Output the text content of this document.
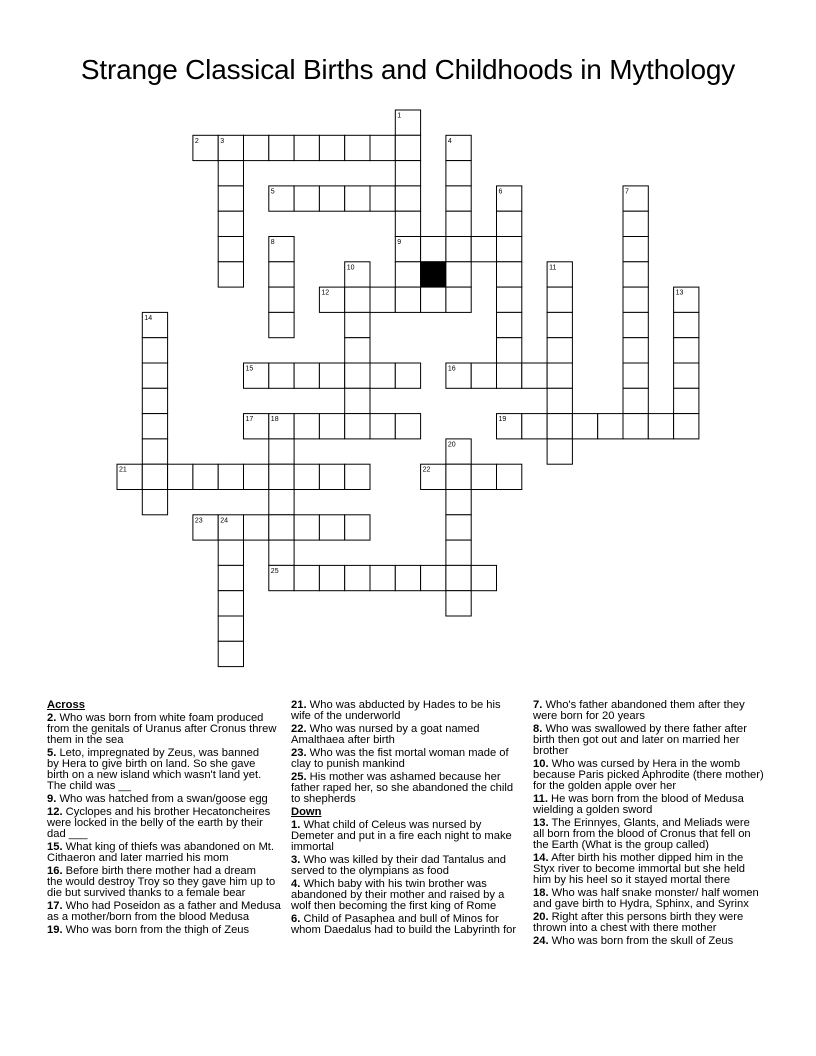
Strange Classical Births and Childhoods in Mythology
1
2	3	4
5	6	7
8	9
10	11
12	13
14
15	16
17	18	19
20
21	22
23	24
25
Across
2. Who was born from white foam produced
from the genitals of Uranus after Cronus threw
them in the sea
5. Leto, impregnated by Zeus, was banned
by Hera to give birth on land. So she gave
birth on a new island which wasn't land yet.
The child was __
9. Who was hatched from a swan/goose egg
12. Cyclopes and his brother Hecatoncheires
were locked in the belly of the earth by their
dad ___
15. What king of thiefs was abandoned on Mt.
Cithaeron and later married his mom
16. Before birth there mother had a dream
the would destroy Troy so they gave him up to
die but survived thanks to a female bear
17. Who had Poseidon as a father and Medusa
as a mother/born from the blood Medusa
19. Who was born from the thigh of Zeus
21. Who was abducted by Hades to be his
wife of the underworld
22. Who was nursed by a goat named
Amalthaea after birth
23. Who was the fist mortal woman made of
clay to punish mankind
25. His mother was ashamed because her
father raped her, so she abandoned the child
to shepherds
Down
1. What child of Celeus was nursed by
Demeter and put in a fire each night to make
immortal
3. Who was killed by their dad Tantalus and
served to the olympians as food
4. Which baby with his twin brother was
abandoned by their mother and raised by a
wolf then becoming the first king of Rome
6. Child of Pasaphea and bull of Minos for
whom Daedalus had to build the Labyrinth for
7. Who's father abandoned them after they
were born for 20 years
8. Who was swallowed by there father after
birth then got out and later on married her
brother
10. Who was cursed by Hera in the womb
because Paris picked Aphrodite (there mother)
for the golden apple over her
11. He was born from the blood of Medusa
wielding a golden sword
13. The Erinnyes, Glants, and Meliads were
all born from the blood of Cronus that fell on
the Earth (What is the group called)
14. After birth his mother dipped him in the
Styx river to become immortal but she held
him by his heel so it stayed mortal there
18. Who was half snake monster/ half women
and gave birth to Hydra, Sphinx, and Syrinx
20. Right after this persons birth they were
thrown into a chest with there mother
24. Who was born from the skull of Zeus
